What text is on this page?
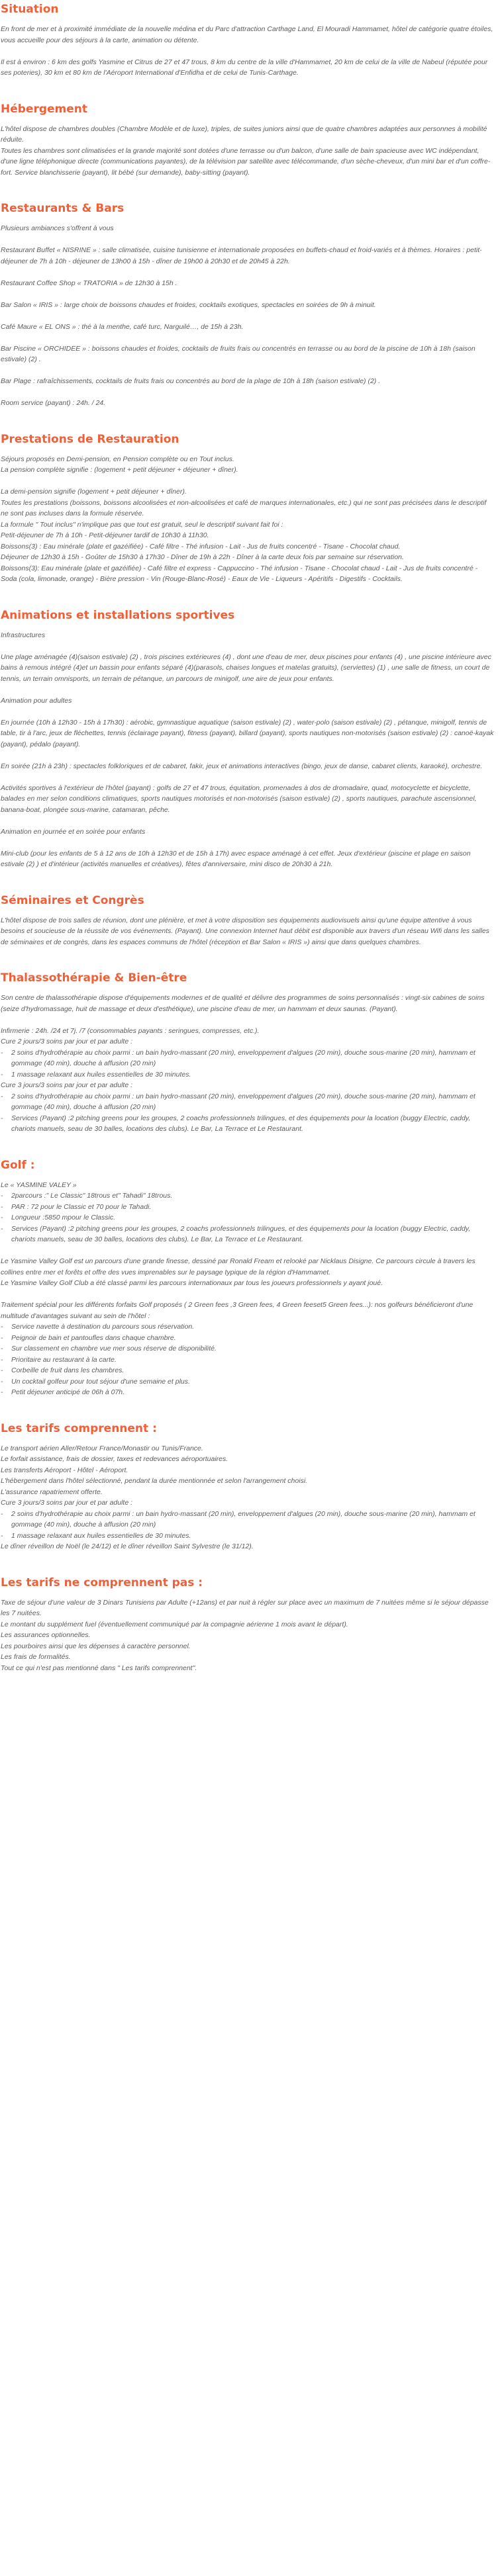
Situation

En front de mer et à proximité immédiate de la nouvelle médina et du Parc d'attraction Carthage Land, El Mouradi Hammamet, hôtel de catégorie quatre étoiles, vous accueille pour des séjours à la carte, animation ou détente.

Il est à environ : 6 km des golfs Yasmine et Citrus de 27 et 47 trous, 8 km du centre de la ville d'Hammamet, 20 km de celui de la ville de Nabeul (réputée pour ses poteries), 30 km et 80 km de l'Aéroport International d'Enfidha et de celui de Tunis-Carthage.

Hébergement

L'hôtel dispose de chambres doubles (Chambre Modèle et de luxe), triples, de suites juniors ainsi que de quatre chambres adaptées aux personnes à mobilité réduite.
Toutes les chambres sont climatisées et la grande majorité sont dotées d'une terrasse ou d'un balcon, d'une salle de bain spacieuse avec WC indépendant, d'une ligne téléphonique directe (communications payantes), de la télévision par satellite avec télécommande, d'un sèche-cheveux, d'un mini bar et d'un coffre-fort. Service blanchisserie (payant), lit bébé (sur demande), baby-sitting (payant).

Restaurants & Bars

Plusieurs ambiances s'offrent à vous

Restaurant Buffet « NISRINE » : salle climatisée, cuisine tunisienne et internationale proposées en buffets-chaud et froid-variés et à thèmes. Horaires : petit-déjeuner de 7h à 10h - déjeuner de 13h00 à 15h - dîner de 19h00 à 20h30 et de 20h45 à 22h.

Restaurant Coffee Shop « TRATORIA » de 12h30 à 15h .

Bar Salon « IRIS » : large choix de boissons chaudes et froides, cocktails exotiques, spectacles en soirées de 9h à minuit.

Café Maure « EL ONS » : thé à la menthe, café turc, Narguilé…, de 15h à 23h.

Bar Piscine « ORCHIDEE » : boissons chaudes et froides, cocktails de fruits frais ou concentrés en terrasse ou au bord de la piscine de 10h à 18h (saison estivale) (2) .

Bar Plage : rafraîchissements, cocktails de fruits frais ou concentrés au bord de la plage de 10h à 18h (saison estivale) (2) .

Room service (payant) : 24h. / 24.

Prestations de Restauration

Séjours proposés en Demi-pension, en Pension complète ou en Tout inclus.
La pension complète signifie : (logement + petit déjeuner + déjeuner + dîner).

La demi-pension signifie (logement + petit déjeuner + dîner).
Toutes les prestations (boissons, boissons alcoolisées et non-alcoolisées et café de marques internationales, etc.) qui ne sont pas précisées dans le descriptif ne sont pas incluses dans la formule réservée.
La formule " Tout inclus" n'implique pas que tout est gratuit, seul le descriptif suivant fait foi :
Petit-déjeuner de 7h à 10h - Petit-déjeuner tardif de 10h30 à 11h30.
Boissons(3) : Eau minérale (plate et gazéifiée) - Café filtre - Thé infusion - Lait - Jus de fruits concentré - Tisane - Chocolat chaud.
Déjeuner de 12h30 à 15h - Goûter de 15h30 à 17h30 - Dîner de 19h à 22h - Dîner à la carte deux fois par semaine sur réservation.
Boissons(3): Eau minérale (plate et gazéifiée) - Café filtre et express - Cappuccino - Thé infusion - Tisane - Chocolat chaud - Lait - Jus de fruits concentré - Soda (cola, limonade, orange) - Bière pression - Vin (Rouge-Blanc-Rosé) - Eaux de Vie - Liqueurs - Apéritifs - Digestifs - Cocktails.

Animations et installations sportives

Infrastructures

Une plage aménagée (4)(saison estivale) (2) , trois piscines extérieures (4) , dont une d'eau de mer, deux piscines pour enfants (4) , une piscine intérieure avec bains à remous intégré (4)et un bassin pour enfants séparé (4)(parasols, chaises longues et matelas gratuits), (serviettes) (1) , une salle de fitness, un court de tennis, un terrain omnisports, un terrain de pétanque, un parcours de minigolf, une aire de jeux pour enfants.

Animation pour adultes

En journée (10h à 12h30 - 15h à 17h30) : aérobic, gymnastique aquatique (saison estivale) (2) , water-polo (saison estivale) (2) , pétanque, minigolf, tennis de table, tir à l'arc, jeux de fléchettes, tennis (éclairage payant), fitness (payant), billard (payant), sports nautiques non-motorisés (saison estivale) (2) : canoë-kayak (payant), pédalo (payant).

En soirée (21h à 23h) : spectacles folkloriques et de cabaret, fakir, jeux et animations interactives (bingo, jeux de danse, cabaret clients, karaoké), orchestre.

Activités sportives à l'extérieur de l'hôtel (payant) : golfs de 27 et 47 trous, équitation, promenades à dos de dromadaire, quad, motocyclette et bicyclette, balades en mer selon conditions climatiques, sports nautiques motorisés et non-motorisés (saison estivale) (2) , sports nautiques, parachute ascensionnel, banana-boat, plongée sous-marine, catamaran, pêche.

Animation en journée et en soirée pour enfants

Mini-club (pour les enfants de 5 à 12 ans de 10h à 12h30 et de 15h à 17h) avec espace aménagé à cet effet. Jeux d'extérieur (piscine et plage en saison estivale (2) ) et d'intérieur (activités manuelles et créatives), fêtes d'anniversaire, mini disco de 20h30 à 21h.

Séminaires et Congrès

L'hôtel dispose de trois salles de réunion, dont une plénière, et met à votre disposition ses équipements audiovisuels ainsi qu'une équipe attentive à vous besoins et soucieuse de la réussite de vos événements. (Payant). Une connexion Internet haut débit est disponible aux travers d'un réseau Wifi dans les salles de séminaires et de congrès, dans les espaces communs de l'hôtel (réception et Bar Salon « IRIS ») ainsi que dans quelques chambres.

Thalassothérapie & Bien-être

Son centre de thalassothérapie dispose d'équipements modernes et de qualité et délivre des programmes de soins personnalisés : vingt-six cabines de soins (seize d'hydromassage, huit de massage et deux d'esthétique), une piscine d'eau de mer, un hammam et deux saunas. (Payant).

Infirmerie : 24h. /24 et 7j. /7 (consommables payants : seringues, compresses, etc.).
Cure 2 jours/3 soins par jour et par adulte :
- 2 soins d'hydrothérapie au choix parmi : un bain hydro-massant (20 min), enveloppement d'algues (20 min), douche sous-marine (20 min), hammam et gommage (40 min), douche à affusion (20 min)
- 1 massage relaxant aux huiles essentielles de 30 minutes.
Cure 3 jours/3 soins par jour et par adulte :
- 2 soins d'hydrothérapie au choix parmi : un bain hydro-massant (20 min), enveloppement d'algues (20 min), douche sous-marine (20 min), hammam et gommage (40 min), douche à affusion (20 min)
- Services (Payant) :2 pitching greens pour les groupes, 2 coachs professionnels trilingues, et des équipements pour la location (buggy Electric, caddy, chariots manuels, seau de 30 balles, locations des clubs). Le Bar, La Terrace et Le Restaurant.
Golf :

Le « YASMINE VALEY »
- 2parcours :" Le Classic" 18trous et" Tahadi" 18trous.
- PAR : 72 pour le Classic et 70 pour le Tahadi.
- Longueur :5850 mpour le Classic.
- Services (Payant) :2 pitching greens pour les groupes, 2 coachs professionnels trilingues, et des équipements pour la location (buggy Electric, caddy, chariots manuels, seau de 30 balles, locations des clubs). Le Bar, La Terrace et Le Restaurant.

Le Yasmine Valley Golf est un parcours d'une grande finesse, dessiné par Ronald Fream et relooké par Nicklaus Disigne. Ce parcours circule à travers les collines entre mer et forêts et offre des vues imprenables sur le paysage typique de la région d'Hammamet.
Le Yasmine Valley Golf Club a été classé parmi les parcours internationaux par tous les joueurs professionnels y ayant joué.

Traitement spécial pour les différents forfaits Golf proposés ( 2 Green fees ,3 Green fees, 4 Green feeset5 Green fees...): nos golfeurs bénéficieront d'une multitude d'avantages suivant au sein de l'hôtel :
- Service navette à destination du parcours sous réservation.
- Peignoir de bain et pantoufles dans chaque chambre.
- Sur classement en chambre vue mer sous réserve de disponibilité.
- Prioritaire au restaurant à la carte.
- Corbeille de fruit dans les chambres.
- Un cocktail golfeur pour tout séjour d'une semaine et plus.
- Petit déjeuner anticipé de 06h à 07h.
Les tarifs comprennent :
Le transport aérien Aller/Retour France/Monastir ou Tunis/France.
Le forfait assistance, frais de dossier, taxes et redevances aéroportuaires.
Les transferts Aéroport - Hôtel - Aéroport.
L'hébergement dans l'hôtel sélectionné, pendant la durée mentionnée et selon l'arrangement choisi.
L'assurance rapatriement offerte.
Cure 3 jours/3 soins par jour et par adulte :
- 2 soins d'hydrothérapie au choix parmi : un bain hydro-massant (20 min), enveloppement d'algues (20 min), douche sous-marine (20 min), hammam et gommage (40 min), douche à affusion (20 min)
- 1 massage relaxant aux huiles essentielles de 30 minutes.
Le dîner réveillon de Noël (le 24/12) et le dîner réveillon Saint Sylvestre (le 31/12).
Les tarifs ne comprennent pas :
Taxe de séjour d'une valeur de 3 Dinars Tunisiens par Adulte (+12ans) et par nuit à régler sur place avec un maximum de 7 nuitées même si le séjour dépasse les 7 nuitées.
Le montant du supplément fuel (éventuellement communiqué par la compagnie aérienne 1 mois avant le départ).
Les assurances optionnelles.
Les pourboires ainsi que les dépenses à caractère personnel.
Les frais de formalités.
Tout ce qui n'est pas mentionné dans " Les tarifs comprennent".
